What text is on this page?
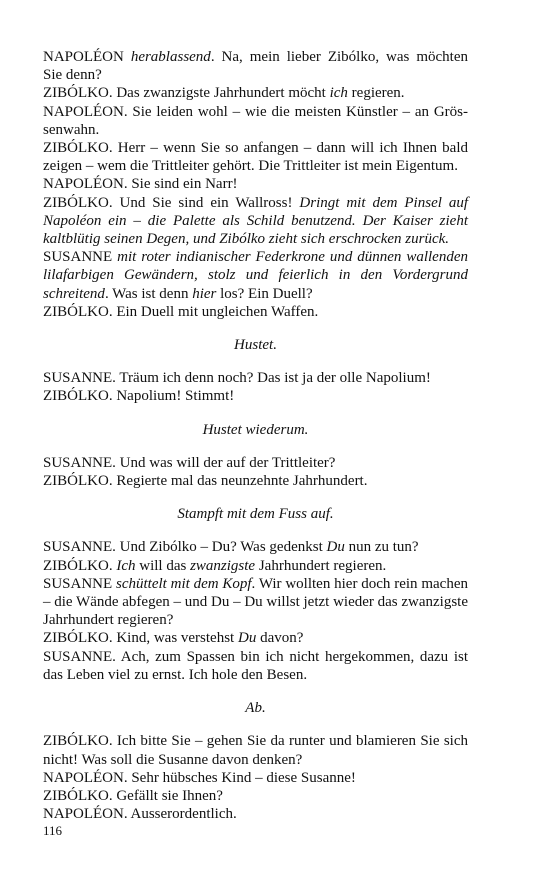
NAPOLÉON herablassend. Na, mein lieber Zibólko, was möchten Sie denn?

ZIBÓLKO. Das zwanzigste Jahrhundert möcht ich regieren.

NAPOLÉON. Sie leiden wohl – wie die meisten Künstler – an Grössenwahn.

ZIBÓLKO. Herr – wenn Sie so anfangen – dann will ich Ihnen bald zeigen – wem die Trittleiter gehört. Die Trittleiter ist mein Eigentum.

NAPOLÉON. Sie sind ein Narr!

ZIBÓLKO. Und Sie sind ein Wallross! Dringt mit dem Pinsel auf Napoléon ein – die Palette als Schild benutzend. Der Kaiser zieht kaltblütig seinen Degen, und Zibólko zieht sich erschrocken zurück.

SUSANNE mit roter indianischer Federkrone und dünnen wallenden lilafarbigen Gewändern, stolz und feierlich in den Vordergrund schreitend. Was ist denn hier los? Ein Duell?

ZIBÓLKO. Ein Duell mit ungleichen Waffen.

Hustet.

SUSANNE. Träum ich denn noch? Das ist ja der olle Napolium!

ZIBÓLKO. Napolium! Stimmt!

Hustet wiederum.

SUSANNE. Und was will der auf der Trittleiter?

ZIBÓLKO. Regierte mal das neunzehnte Jahrhundert.

Stampft mit dem Fuss auf.

SUSANNE. Und Zibólko – Du? Was gedenkst Du nun zu tun?

ZIBÓLKO. Ich will das zwanzigste Jahrhundert regieren.

SUSANNE schüttelt mit dem Kopf. Wir wollten hier doch rein machen – die Wände abfegen – und Du – Du willst jetzt wieder das zwanzigste Jahrhundert regieren?

ZIBÓLKO. Kind, was verstehst Du davon?

SUSANNE. Ach, zum Spassen bin ich nicht hergekommen, dazu ist das Leben viel zu ernst. Ich hole den Besen.

Ab.

ZIBÓLKO. Ich bitte Sie – gehen Sie da runter und blamieren Sie sich nicht! Was soll die Susanne davon denken?

NAPOLÉON. Sehr hübsches Kind – diese Susanne!

ZIBÓLKO. Gefällt sie Ihnen?

NAPOLÉON. Ausserordentlich.

116
